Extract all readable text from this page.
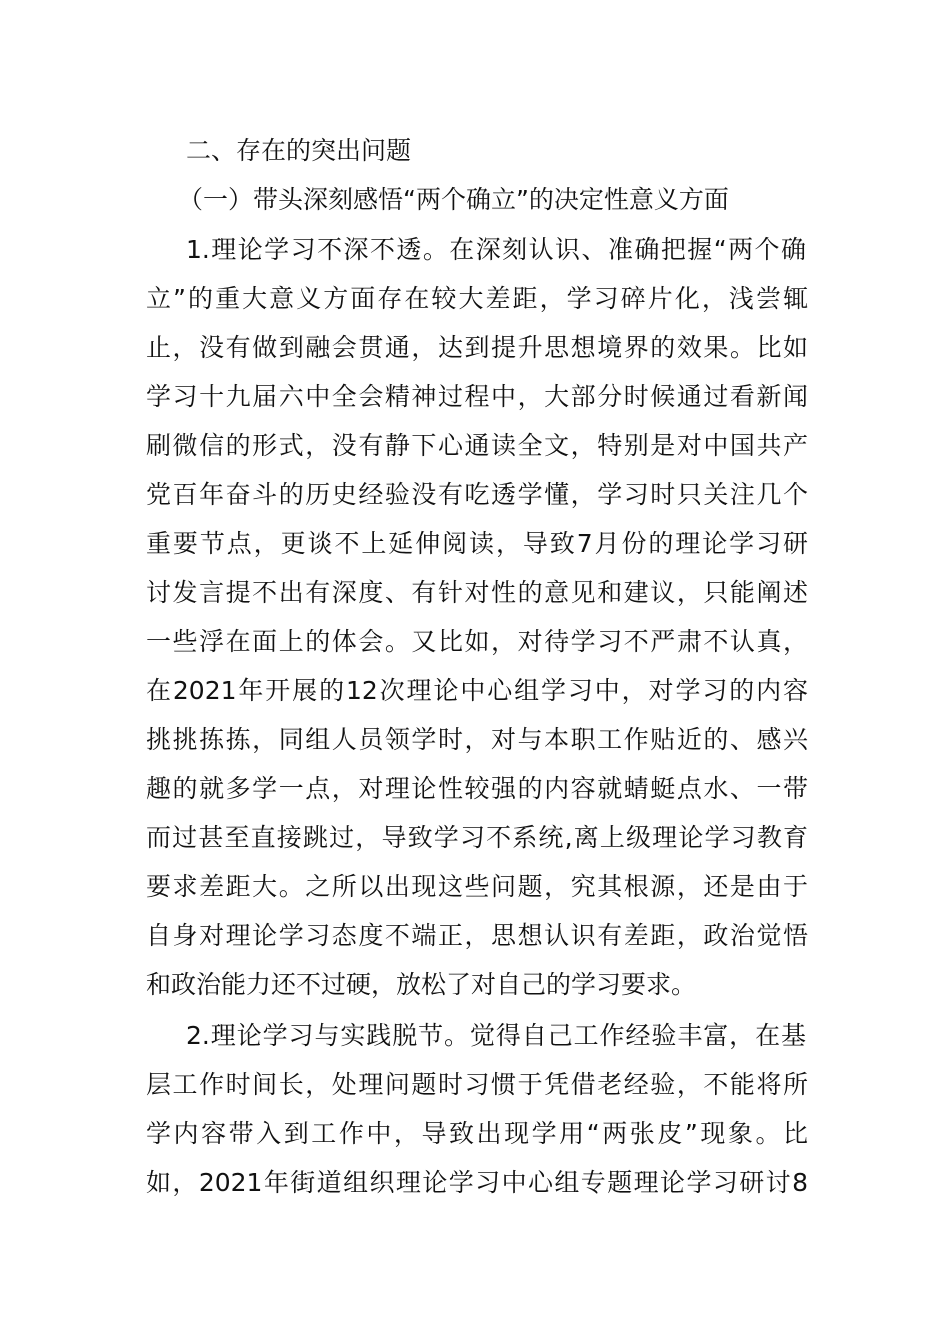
二、存在的突出问题
（一）带头深刻感悟“两个确立”的决定性意义方面
1.理论学习不深不透。在深刻认识、准确把握“两个确
立”的重大意义方面存在较大差距，学习碎片化，浅尝辄
止，没有做到融会贯通，达到提升思想境界的效果。比如
学习十九届六中全会精神过程中，大部分时候通过看新闻
刷微信的形式，没有静下心通读全文，特别是对中国共产
党百年奋斗的历史经验没有吃透学懂，学习时只关注几个
重要节点，更谈不上延伸阅读，导致7月份的理论学习研
讨发言提不出有深度、有针对性的意见和建议，只能阐述
一些浮在面上的体会。又比如，对待学习不严肃不认真，
在2021年开展的12次理论中心组学习中，对学习的内容
挑挑拣拣，同组人员领学时，对与本职工作贴近的、感兴
趣的就多学一点，对理论性较强的内容就蜻蜓点水、一带
而过甚至直接跳过，导致学习不系统,离上级理论学习教育
要求差距大。之所以出现这些问题，究其根源，还是由于
自身对理论学习态度不端正，思想认识有差距，政治觉悟
和政治能力还不过硬，放松了对自己的学习要求。
2.理论学习与实践脱节。觉得自己工作经验丰富，在基
层工作时间长，处理问题时习惯于凭借老经验，不能将所
学内容带入到工作中，导致出现学用“两张皮”现象。比
如，2021年街道组织理论学习中心组专题理论学习研讨8
